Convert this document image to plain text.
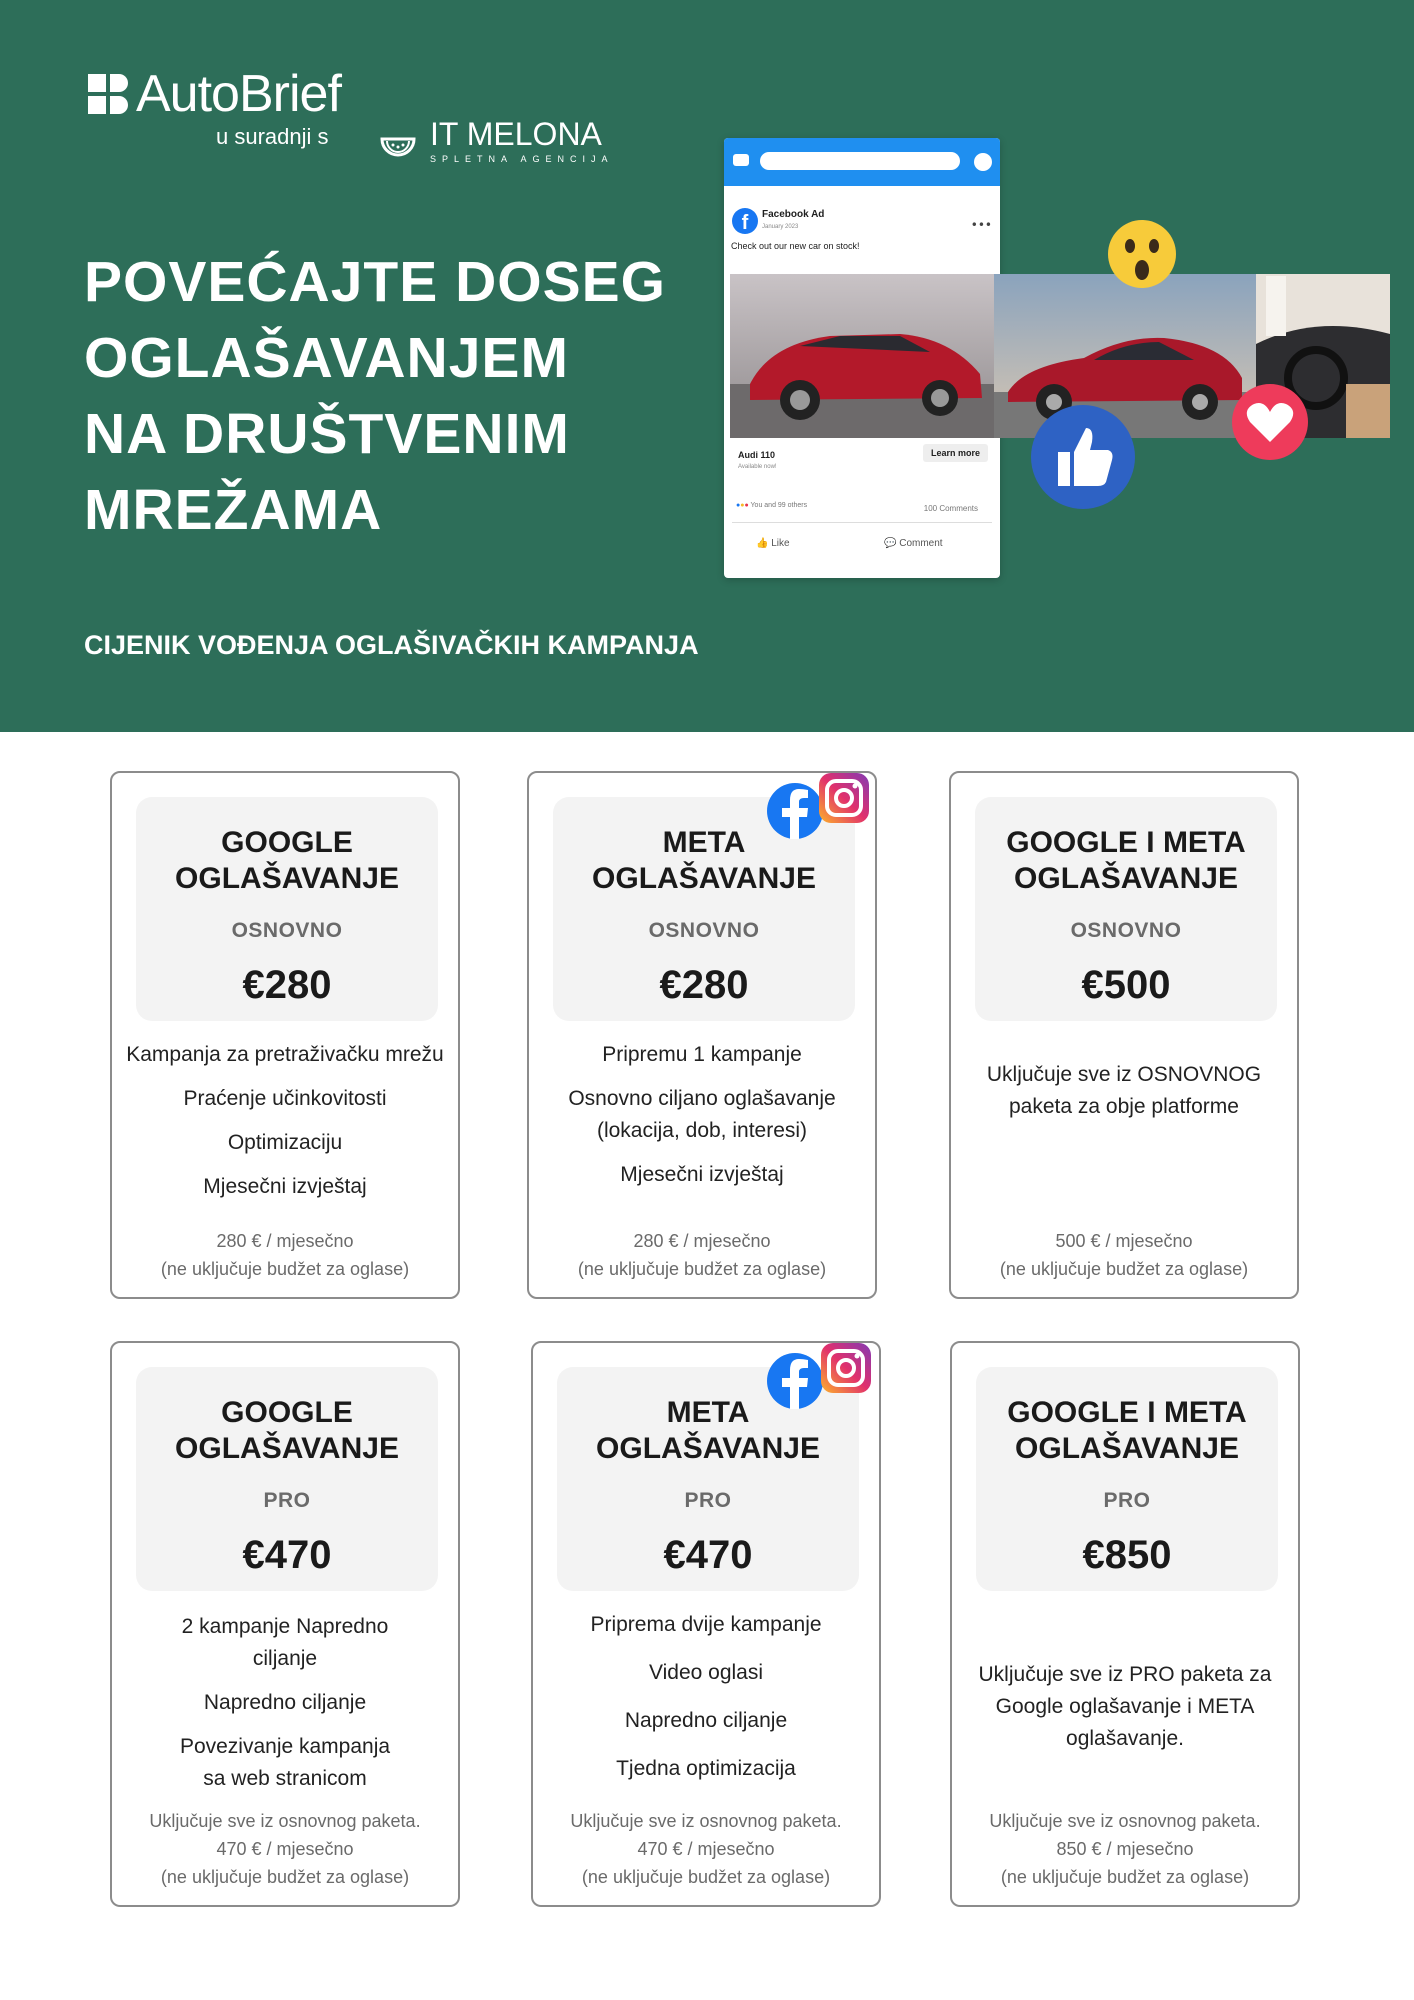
AutoBrief
u suradnji s	IT MELONA
SPLETNA AGENCIJA
POVEĆAJTE DOSEG
OGLAŠAVANJEM
NA DRUŠTVENIM
MREŽAMA
CIJENIK VOĐENJA OGLAŠIVAČKIH KAMPANJA
f	Facebook Ad
January 2023	•••
Check out our new car on stock!
Audi 110
Available now!
Learn more
●●● You and 99 others	100 Comments
👍 Like	💬 Comment
GOOGLE
OGLAŠAVANJE
OSNOVNO
€280

Kampanja za pretraživačku mrežu

Praćenje učinkovitosti

Optimizaciju

Mjesečni izvještaj

280 € / mjesečno
(ne uključuje budžet za oglase)
META
OGLAŠAVANJE
OSNOVNO
€280

Pripremu 1 kampanje

Osnovno ciljano oglašavanje (lokacija, dob, interesi)

Mjesečni izvještaj

280 € / mjesečno
(ne uključuje budžet za oglase)
GOOGLE I META
OGLAŠAVANJE
OSNOVNO
€500

Uključuje sve iz OSNOVNOG paketa za obje platforme

500 € / mjesečno
(ne uključuje budžet za oglase)
GOOGLE
OGLAŠAVANJE
PRO
€470

2 kampanje Napredno ciljanje

Napredno ciljanje

Povezivanje kampanja sa web stranicom

Uključuje sve iz osnovnog paketa.
470 € / mjesečno
(ne uključuje budžet za oglase)
META
OGLAŠAVANJE
PRO
€470

Priprema dvije kampanje

Video oglasi

Napredno ciljanje

Tjedna optimizacija

Uključuje sve iz osnovnog paketa.
470 € / mjesečno
(ne uključuje budžet za oglase)
GOOGLE I META
OGLAŠAVANJE
PRO
€850

Uključuje sve iz PRO paketa za Google oglašavanje i META oglašavanje.

Uključuje sve iz osnovnog paketa.
850 € / mjesečno
(ne uključuje budžet za oglase)
